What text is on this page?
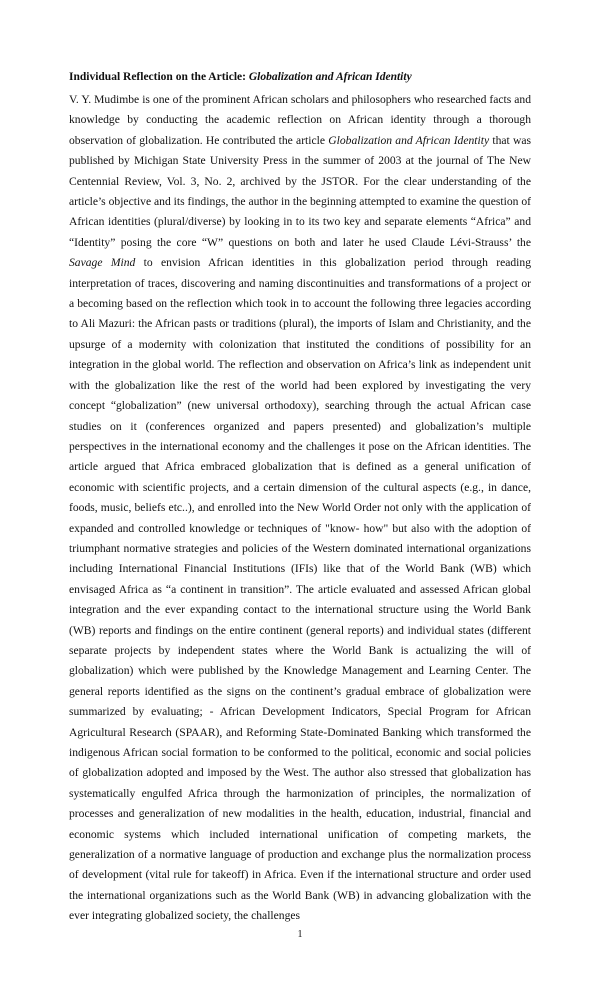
Individual Reflection on the Article: Globalization and African Identity

V. Y. Mudimbe is one of the prominent African scholars and philosophers who researched facts and knowledge by conducting the academic reflection on African identity through a thorough observation of globalization. He contributed the article Globalization and African Identity that was published by Michigan State University Press in the summer of 2003 at the journal of The New Centennial Review, Vol. 3, No. 2, archived by the JSTOR. For the clear understanding of the article’s objective and its findings, the author in the beginning attempted to examine the question of African identities (plural/diverse) by looking in to its two key and separate elements “Africa” and “Identity” posing the core “W” questions on both and later he used Claude Lévi-Strauss’ the Savage Mind to envision African identities in this globalization period through reading interpretation of traces, discovering and naming discontinuities and transformations of a project or a becoming based on the reflection which took in to account the following three legacies according to Ali Mazuri: the African pasts or traditions (plural), the imports of Islam and Christianity, and the upsurge of a modernity with colonization that instituted the conditions of possibility for an integration in the global world. The reflection and observation on Africa’s link as independent unit with the globalization like the rest of the world had been explored by investigating the very concept “globalization” (new universal orthodoxy), searching through the actual African case studies on it (conferences organized and papers presented) and globalization’s multiple perspectives in the international economy and the challenges it pose on the African identities. The article argued that Africa embraced globalization that is defined as a general unification of economic with scientific projects, and a certain dimension of the cultural aspects (e.g., in dance, foods, music, beliefs etc..), and enrolled into the New World Order not only with the application of expanded and controlled knowledge or techniques of "know- how" but also with the adoption of triumphant normative strategies and policies of the Western dominated international organizations including International Financial Institutions (IFIs) like that of the World Bank (WB) which envisaged Africa as “a continent in transition”. The article evaluated and assessed African global integration and the ever expanding contact to the international structure using the World Bank (WB) reports and findings on the entire continent (general reports) and individual states (different separate projects by independent states where the World Bank is actualizing the will of globalization) which were published by the Knowledge Management and Learning Center. The general reports identified as the signs on the continent’s gradual embrace of globalization were summarized by evaluating; - African Development Indicators, Special Program for African Agricultural Research (SPAAR), and Reforming State-Dominated Banking which transformed the indigenous African social formation to be conformed to the political, economic and social policies of globalization adopted and imposed by the West. The author also stressed that globalization has systematically engulfed Africa through the harmonization of principles, the normalization of processes and generalization of new modalities in the health, education, industrial, financial and economic systems which included international unification of competing markets, the generalization of a normative language of production and exchange plus the normalization process of development (vital rule for takeoff) in Africa. Even if the international structure and order used the international organizations such as the World Bank (WB) in advancing globalization with the ever integrating globalized society, the challenges

1
